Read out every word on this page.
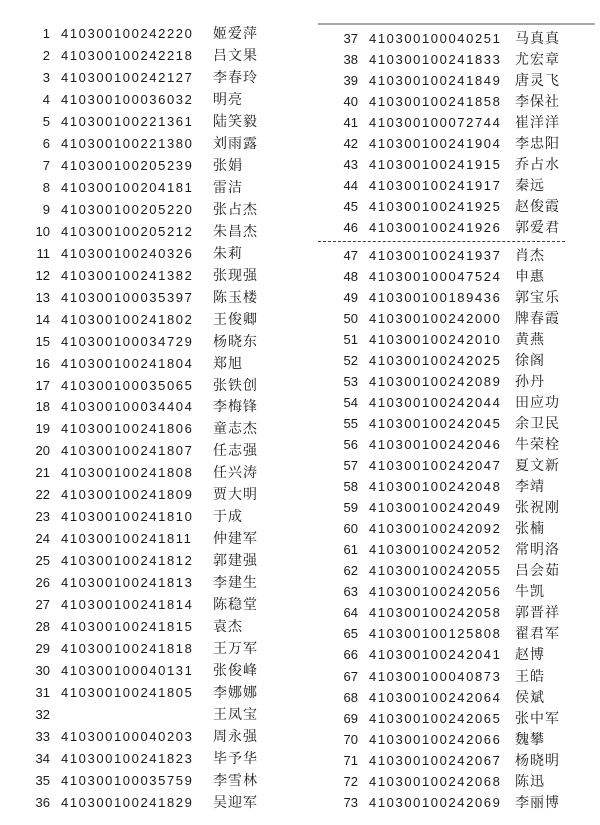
1 410300100242220	姬爱萍
2 410300100242218	吕文果
3 410300100242127	李春玲
4 410300100036032	明亮
5 410300100221361	陆笑毅
6 410300100221380	刘雨露
7 410300100205239	张娟
8 410300100204181	雷洁
9 410300100205220	张占杰
10 410300100205212	朱昌杰
11 410300100240326	朱莉
12 410300100241382	张现强
13 410300100035397	陈玉楼
14 410300100241802	王俊卿
15 410300100034729	杨晓东
16 410300100241804	郑旭
17 410300100035065	张铁创
18 410300100034404	李梅锋
19 410300100241806	童志杰
20 410300100241807	任志强
21 410300100241808	任兴涛
22 410300100241809	贾大明
23 410300100241810	于成
24 410300100241811	仲建军
25 410300100241812	郭建强
26 410300100241813	李建生
27 410300100241814	陈稳堂
28 410300100241815	袁杰
29 410300100241818	王万军
30 410300100040131	张俊峰
31 410300100241805	李娜娜
32	王凤宝
33 410300100040203	周永强
34 410300100241823	毕予华
35 410300100035759	李雪林
36 410300100241829	吴迎军
37 410300100040251 马真真
38 410300100241833 尤宏章
39 410300100241849 唐灵飞
40 410300100241858 李保社
41 410300100072744 崔洋洋
42 410300100241904 李忠阳
43 410300100241915 乔占水
44 410300100241917 秦远
45 410300100241925 赵俊霞
46 410300100241926 郭爱君
47 410300100241937 肖杰
48 410300100047524 申惠
49 410300100189436 郭宝乐
50 410300100242000 牌春霞
51 410300100242010 黄燕
52 410300100242025 徐阁
53 410300100242089 孙丹
54 410300100242044 田应功
55 410300100242045 余卫民
56 410300100242046 牛荣栓
57 410300100242047 夏文新
58 410300100242048 李靖
59 410300100242049 张祝刚
60 410300100242092 张楠
61 410300100242052 常明洛
62 410300100242055 吕会茹
63 410300100242056 牛凯
64 410300100242058 郭晋祥
65 410300100125808 翟君军
66 410300100242041 赵博
67 410300100040873 王皓
68 410300100242064 侯斌
69 410300100242065 张中军
70 410300100242066 魏攀
71 410300100242067 杨晓明
72 410300100242068 陈迅
73 410300100242069 李丽博
